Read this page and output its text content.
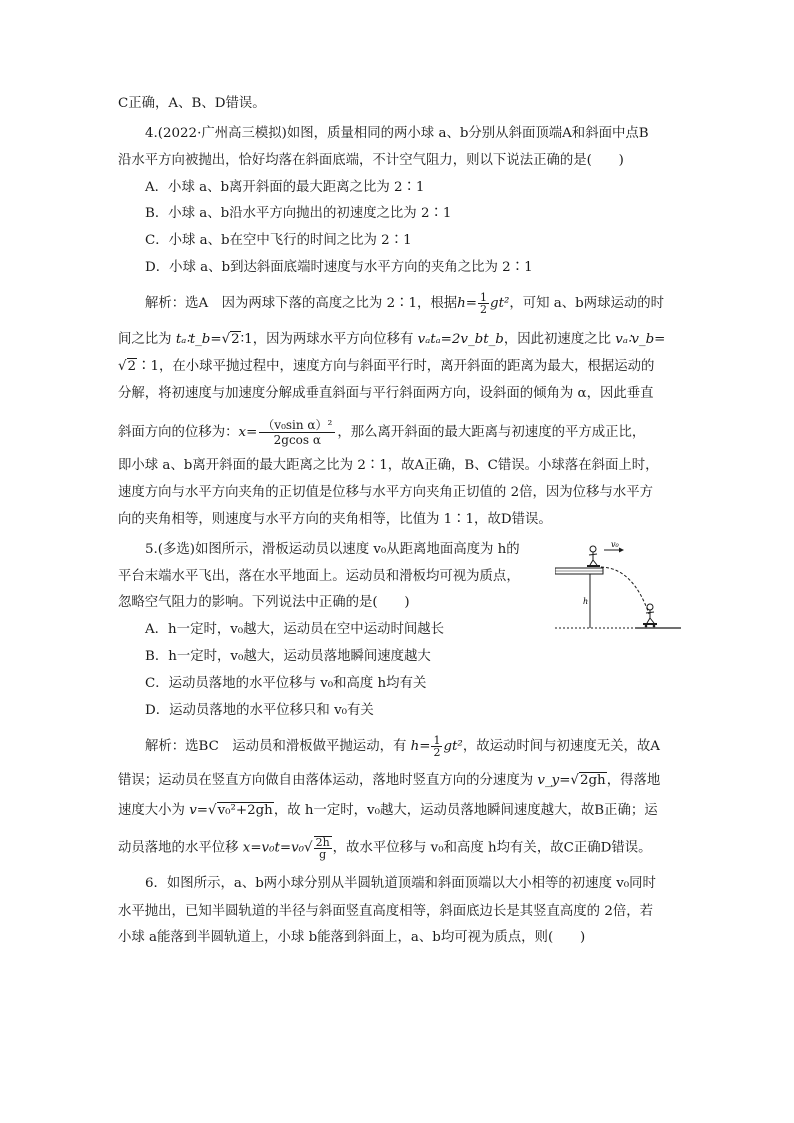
C正确，A、B、D错误。
4.(2022·广州高三模拟)如图，质量相同的两小球 a、b分别从斜面顶端A和斜面中点B
沿水平方向被抛出，恰好均落在斜面底端，不计空气阻力，则以下说法正确的是(　　)
A．小球 a、b离开斜面的最大距离之比为 2∶1
B．小球 a、b沿水平方向抛出的初速度之比为 2∶1
C．小球 a、b在空中飞行的时间之比为 2∶1
D．小球 a、b到达斜面底端时速度与水平方向的夹角之比为 2∶1
解析：选A　因为两球下落的高度之比为 2∶1，根据$h= \frac{1}{2} gt^2$，可知 a、b两球运动的时
间之比为 tₐ∶t_b=√2∶1，因为两球水平方向位移有 vₐtₐ=2v_bt_b，因此初速度之比 vₐ∶v_b=
√2∶1，在小球平抛过程中，速度方向与斜面平行时，离开斜面的距离为最大，根据运动的
分解，将初速度与加速度分解成垂直斜面与平行斜面两方向，设斜面的倾角为 α，因此垂直
斜面方向的位移为：$x= \frac{\text{（v₀sin α）²}}{\text{2gcos α}}$ ，那么离开斜面的最大距离与初速度的平方成正比，
即小球 a、b离开斜面的最大距离之比为 2∶1，故A正确，B、C错误。小球落在斜面上时，
速度方向与水平方向夹角的正切值是位移与水平方向夹角正切值的 2倍，因为位移与水平方
向的夹角相等，则速度与水平方向的夹角相等，比值为 1∶1，故D错误。
5.(多选)如图所示，滑板运动员以速度 v₀从距离地面高度为 h的
平台末端水平飞出，落在水平地面上。运动员和滑板均可视为质点，
忽略空气阻力的影响。下列说法中正确的是(　　)
A．h一定时，v₀越大，运动员在空中运动时间越长
B．h一定时，v₀越大，运动员落地瞬间速度越大
C．运动员落地的水平位移与 v₀和高度 h均有关
D．运动员落地的水平位移只和 v₀有关
v₀
h
解析：选BC　运动员和滑板做平抛运动，有 $h= \frac{1}{2} gt^2$，故运动时间与初速度无关，故A
错误；运动员在竖直方向做自由落体运动，落地时竖直方向的分速度为 v_y=√2gh，得落地
速度大小为 v=√v₀²+2gh，故 h一定时，v₀越大，运动员落地瞬间速度越大，故B正确；运
动员落地的水平位移 $x=v_0t=v_0√ \frac{2h}{g}$ ，故水平位移与 v₀和高度 h均有关，故C正确D错误。
6．如图所示，a、b两小球分别从半圆轨道顶端和斜面顶端以大小相等的初速度 v₀同时
水平抛出，已知半圆轨道的半径与斜面竖直高度相等，斜面底边长是其竖直高度的 2倍，若
小球 a能落到半圆轨道上，小球 b能落到斜面上，a、b均可视为质点，则(　　)
